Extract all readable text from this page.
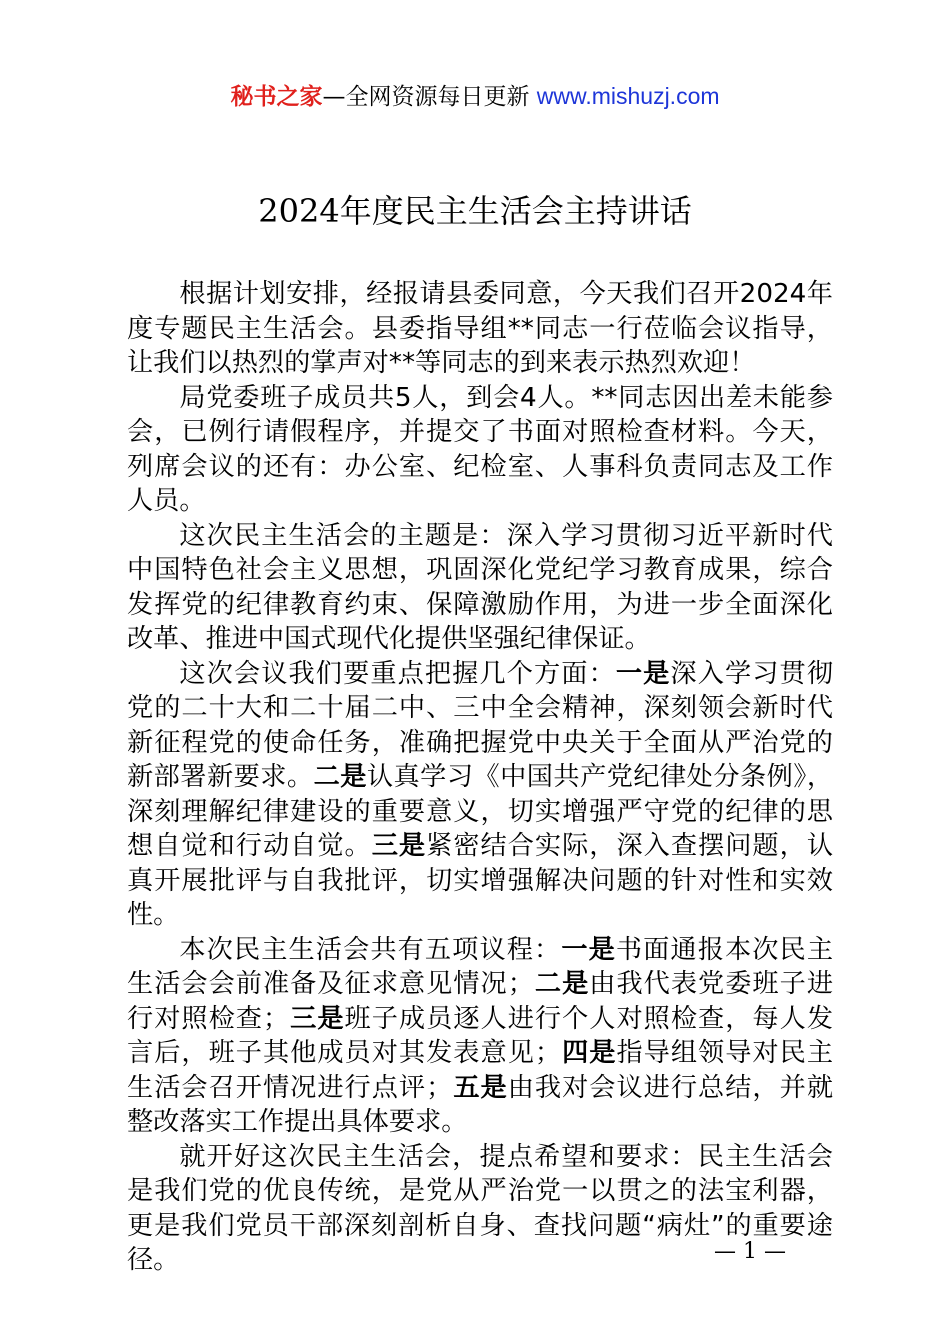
秘书之家—全网资源每日更新 www.mishuzj.com
2024年度民主生活会主持讲话

根据计划安排，经报请县委同意，今天我们召开2024年度专题民主生活会。县委指导组**同志一行莅临会议指导，让我们以热烈的掌声对**等同志的到来表示热烈欢迎！

局党委班子成员共5人，到会4人。**同志因出差未能参会，已例行请假程序，并提交了书面对照检查材料。今天，列席会议的还有：办公室、纪检室、人事科负责同志及工作人员。

这次民主生活会的主题是：深入学习贯彻习近平新时代中国特色社会主义思想，巩固深化党纪学习教育成果，综合发挥党的纪律教育约束、保障激励作用，为进一步全面深化改革、推进中国式现代化提供坚强纪律保证。

这次会议我们要重点把握几个方面：一是深入学习贯彻党的二十大和二十届二中、三中全会精神，深刻领会新时代新征程党的使命任务，准确把握党中央关于全面从严治党的新部署新要求。二是认真学习《中国共产党纪律处分条例》，深刻理解纪律建设的重要意义，切实增强严守党的纪律的思想自觉和行动自觉。三是紧密结合实际，深入查摆问题，认真开展批评与自我批评，切实增强解决问题的针对性和实效性。

本次民主生活会共有五项议程：一是书面通报本次民主生活会会前准备及征求意见情况；二是由我代表党委班子进行对照检查；三是班子成员逐人进行个人对照检查，每人发言后，班子其他成员对其发表意见；四是指导组领导对民主生活会召开情况进行点评；五是由我对会议进行总结，并就整改落实工作提出具体要求。

就开好这次民主生活会，提点希望和要求：民主生活会是我们党的优良传统，是党从严治党一以贯之的法宝利器，更是我们党员干部深刻剖析自身、查找问题“病灶”的重要途径。	— 1 —
